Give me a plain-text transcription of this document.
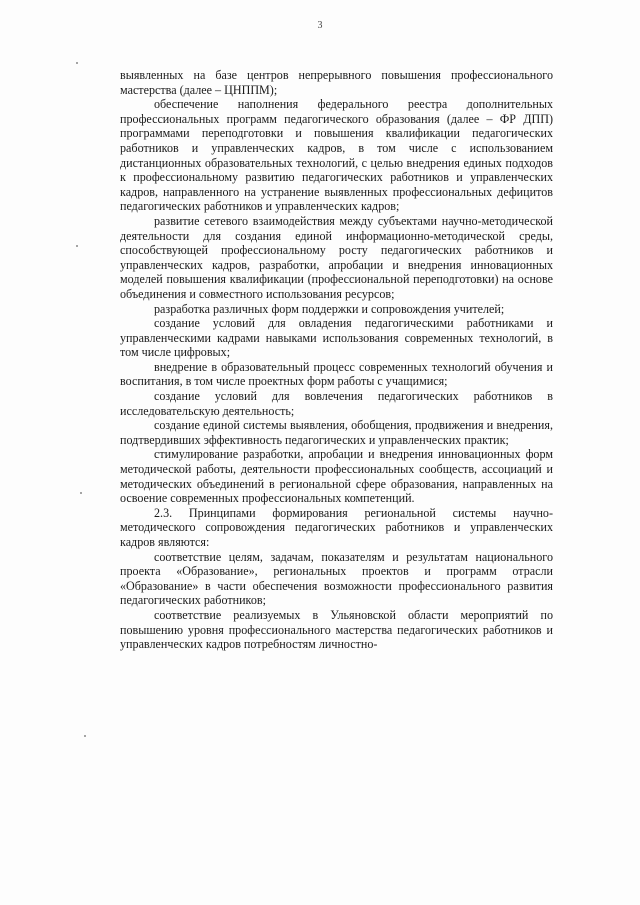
3

выявленных на базе центров непрерывного повышения профессионального мастерства (далее – ЦНППМ);

обеспечение наполнения федерального реестра дополнительных профессиональных программ педагогического образования (далее – ФР ДПП) программами переподготовки и повышения квалификации педагогических работников и управленческих кадров, в том числе с использованием дистанционных образовательных технологий, с целью внедрения единых подходов к профессиональному развитию педагогических работников и управленческих кадров, направленного на устранение выявленных профессиональных дефицитов педагогических работников и управленческих кадров;

развитие сетевого взаимодействия между субъектами научно-методической деятельности для создания единой информационно-методической среды, способствующей профессиональному росту педагогических работников и управленческих кадров, разработки, апробации и внедрения инновационных моделей повышения квалификации (профессиональной переподготовки) на основе объединения и совместного использования ресурсов;

разработка различных форм поддержки и сопровождения учителей;

создание условий для овладения педагогическими работниками и управленческими кадрами навыками использования современных технологий, в том числе цифровых;

внедрение в образовательный процесс современных технологий обучения и воспитания, в том числе проектных форм работы с учащимися;

создание условий для вовлечения педагогических работников в исследовательскую деятельность;

создание единой системы выявления, обобщения, продвижения и внедрения, подтвердивших эффективность педагогических и управленческих практик;

стимулирование разработки, апробации и внедрения инновационных форм методической работы, деятельности профессиональных сообществ, ассоциаций и методических объединений в региональной сфере образования, направленных на освоение современных профессиональных компетенций.

2.3. Принципами формирования региональной системы научно-методического сопровождения педагогических работников и управленческих кадров являются:

соответствие целям, задачам, показателям и результатам национального проекта «Образование», региональных проектов и программ отрасли «Образование» в части обеспечения возможности профессионального развития педагогических работников;

соответствие реализуемых в Ульяновской области мероприятий по повышению уровня профессионального мастерства педагогических работников и управленческих кадров потребностям личностно-
